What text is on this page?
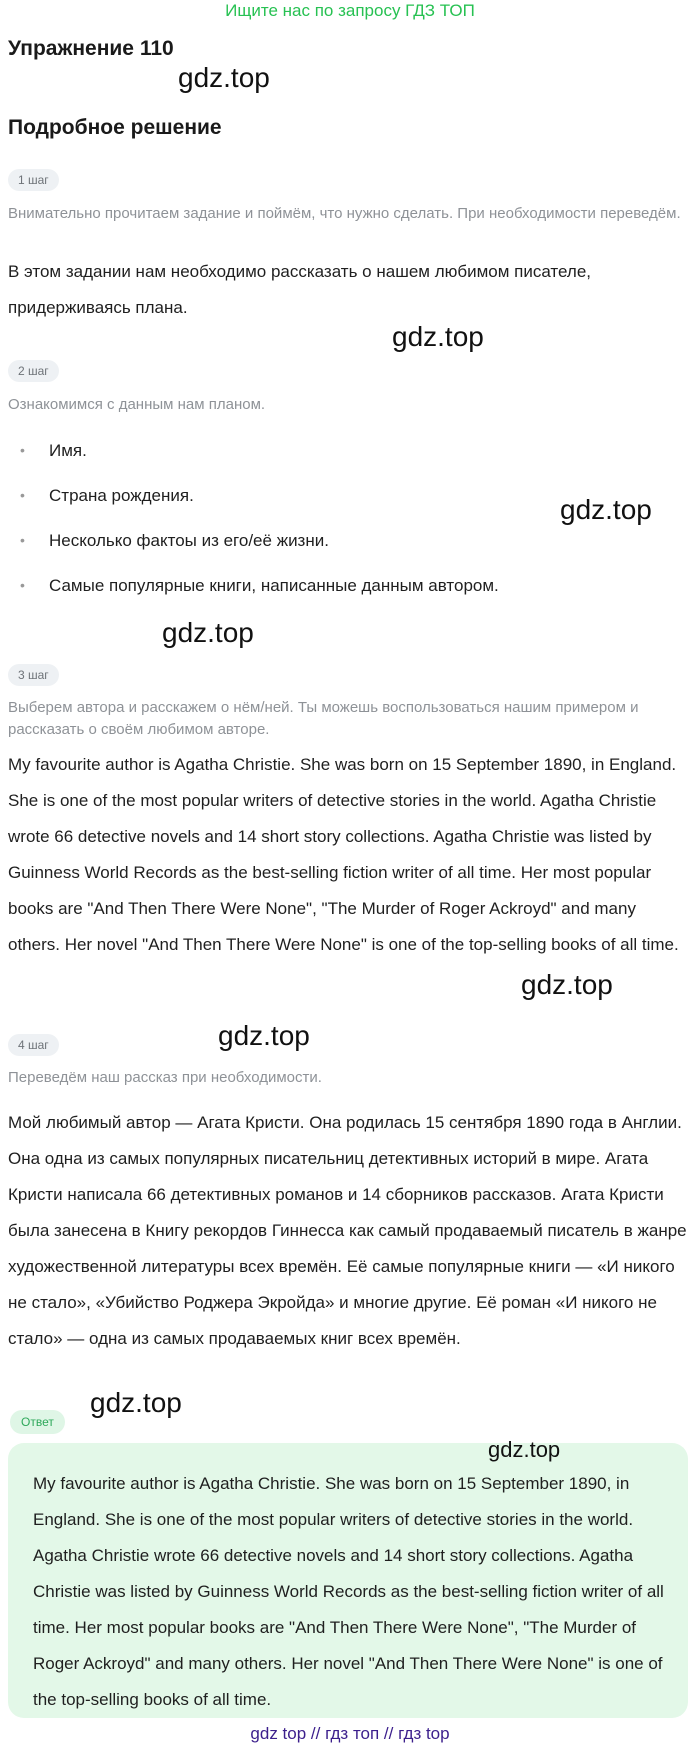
Ищите нас по запросу ГДЗ ТОП
Упражнение 110
gdz.top
Подробное решение
1 шаг
Внимательно прочитаем задание и поймём, что нужно сделать. При необходимости переведём.
В этом задании нам необходимо рассказать о нашем любимом писателе, придерживаясь плана.
gdz.top
2 шаг
Ознакомимся с данным нам планом.
• Имя.
• Страна рождения.
• Несколько фактоы из его/её жизни.
• Самые популярные книги, написанные данным автором.
gdz.top
gdz.top
3 шаг
Выберем автора и расскажем о нём/ней. Ты можешь воспользоваться нашим примером и рассказать о своём любимом авторе.
My favourite author is Agatha Christie. She was born on 15 September 1890, in England. She is one of the most popular writers of detective stories in the world. Agatha Christie wrote 66 detective novels and 14 short story collections. Agatha Christie was listed by Guinness World Records as the best-selling fiction writer of all time. Her most popular books are "And Then There Were None", "The Murder of Roger Ackroyd" and many others. Her novel "And Then There Were None" is one of the top-selling books of all time.
gdz.top
gdz.top
4 шаг
Переведём наш рассказ при необходимости.
Мой любимый автор — Агата Кристи. Она родилась 15 сентября 1890 года в Англии. Она одна из самых популярных писательниц детективных историй в мире. Агата Кристи написала 66 детективных романов и 14 сборников рассказов. Агата Кристи была занесена в Книгу рекордов Гиннесса как самый продаваемый писатель в жанре художественной литературы всех времён. Её самые популярные книги — «И никого не стало», «Убийство Роджера Экройда» и многие другие. Её роман «И никого не стало» — одна из самых продаваемых книг всех времён.
gdz.top
Ответ
gdz.top
My favourite author is Agatha Christie. She was born on 15 September 1890, in England. She is one of the most popular writers of detective stories in the world. Agatha Christie wrote 66 detective novels and 14 short story collections. Agatha Christie was listed by Guinness World Records as the best-selling fiction writer of all time. Her most popular books are "And Then There Were None", "The Murder of Roger Ackroyd" and many others. Her novel "And Then There Were None" is one of the top-selling books of all time.
gdz top // гдз топ // гдз top
